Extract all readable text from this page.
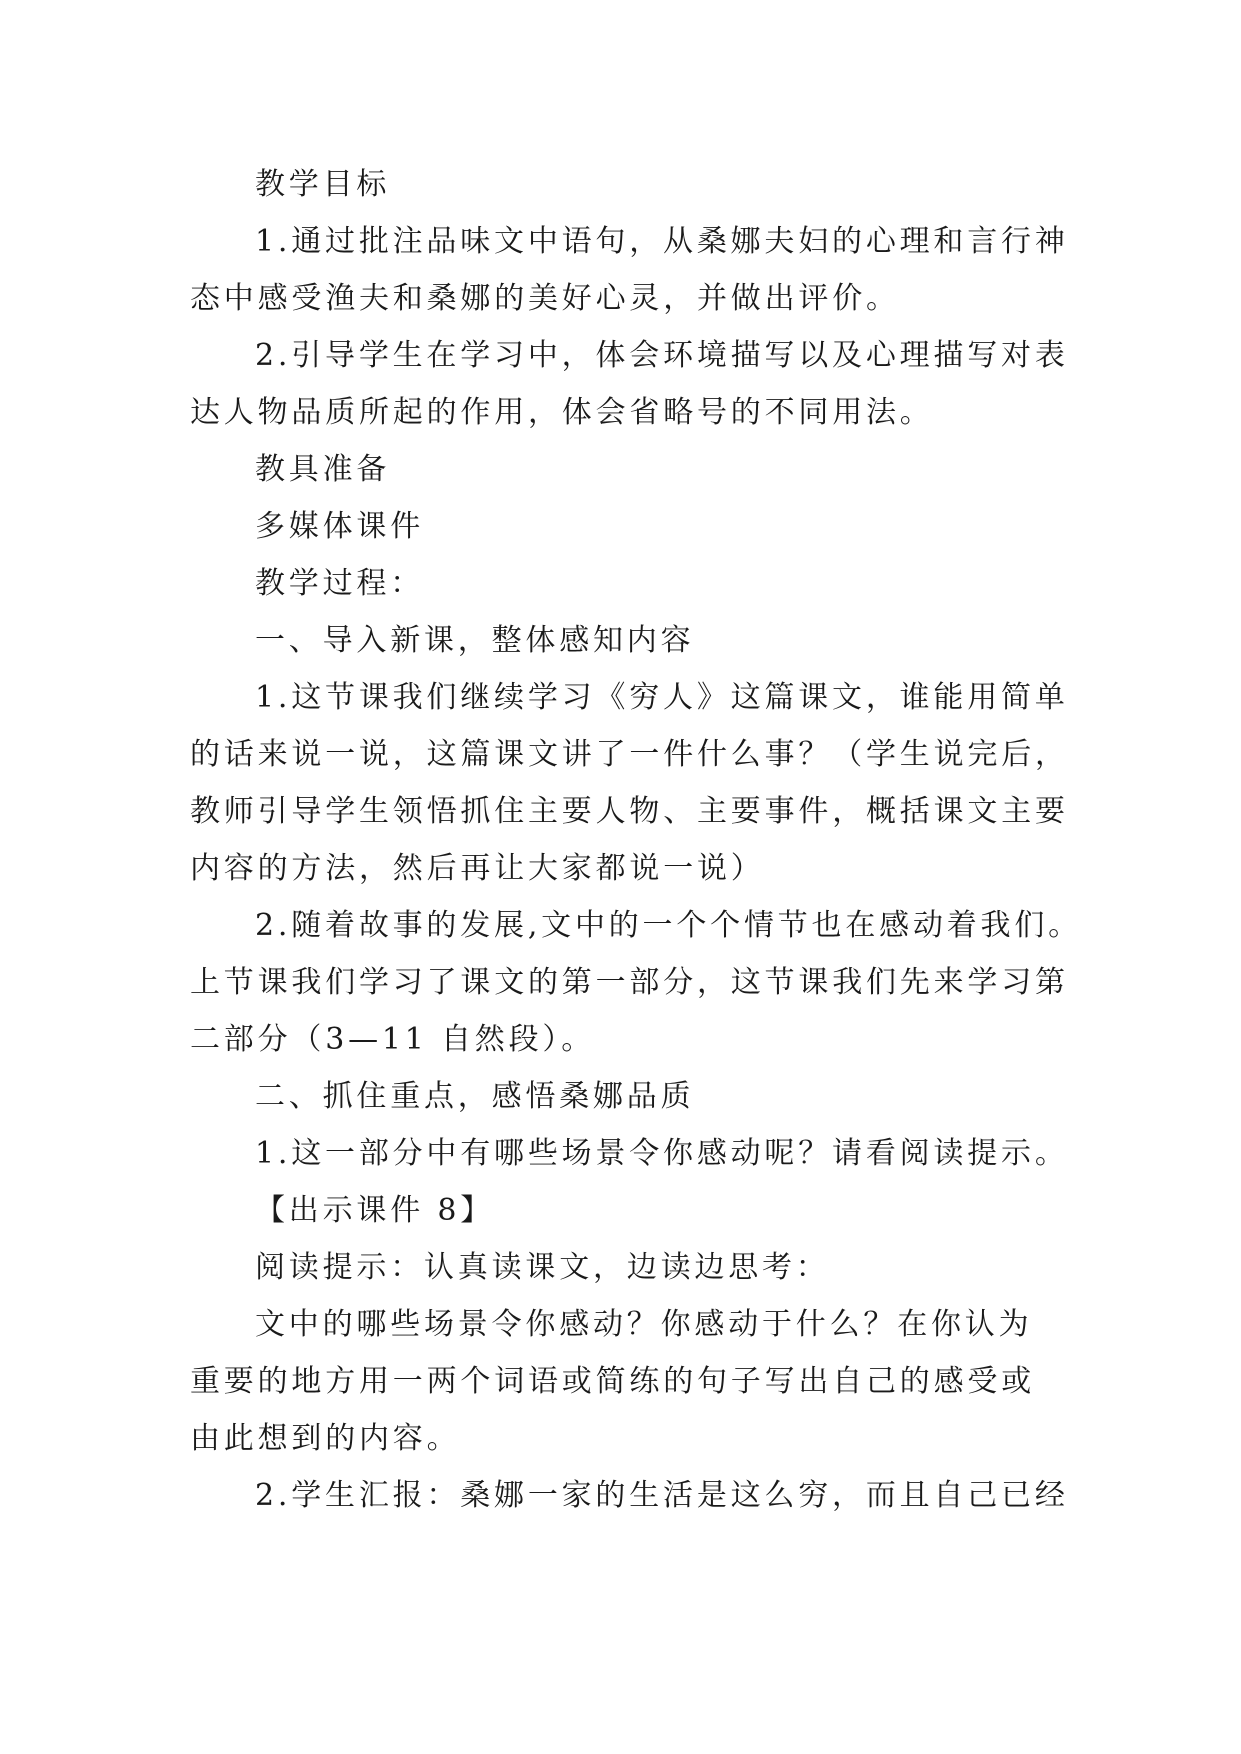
教学目标
1.通过批注品味文中语句，从桑娜夫妇的心理和言行神
态中感受渔夫和桑娜的美好心灵，并做出评价。
2.引导学生在学习中，体会环境描写以及心理描写对表
达人物品质所起的作用，体会省略号的不同用法。
教具准备
多媒体课件
教学过程：
一、导入新课，整体感知内容
1.这节课我们继续学习《穷人》这篇课文，谁能用简单
的话来说一说，这篇课文讲了一件什么事？（学生说完后，
教师引导学生领悟抓住主要人物、主要事件，概括课文主要
内容的方法，然后再让大家都说一说）
2.随着故事的发展,文中的一个个情节也在感动着我们。
上节课我们学习了课文的第一部分，这节课我们先来学习第
二部分（3—11 自然段）。
二、抓住重点，感悟桑娜品质
1.这一部分中有哪些场景令你感动呢？请看阅读提示。
【出示课件 8】
阅读提示：认真读课文，边读边思考：
文中的哪些场景令你感动？你感动于什么？在你认为
重要的地方用一两个词语或简练的句子写出自己的感受或
由此想到的内容。
2.学生汇报：桑娜一家的生活是这么穷，而且自己已经
